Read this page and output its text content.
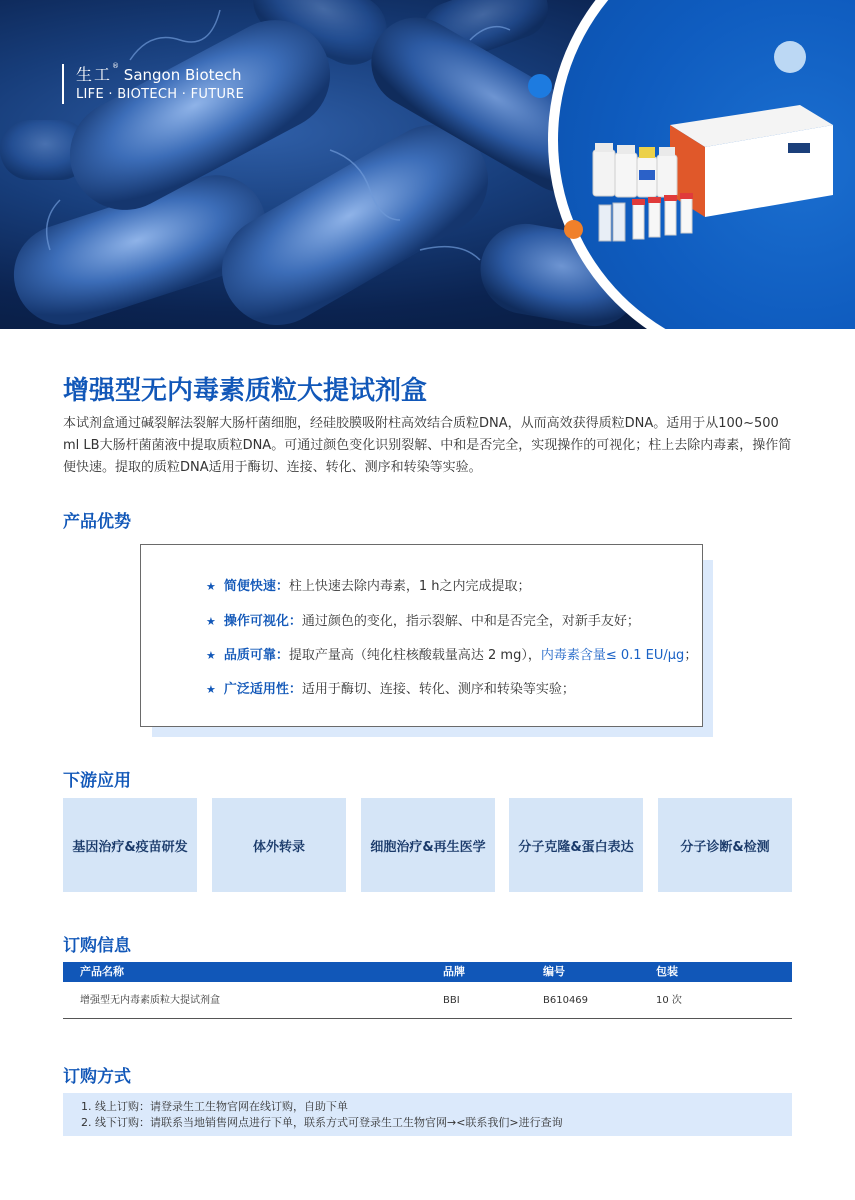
生工® Sangon Biotech
LIFE · BIOTECH · FUTURE
增强型无内毒素质粒大提试剂盒
本试剂盒通过碱裂解法裂解大肠杆菌细胞，经硅胶膜吸附柱高效结合质粒DNA，从而高效获得质粒DNA。适用于从100~500 ml LB大肠杆菌菌液中提取质粒DNA。可通过颜色变化识别裂解、中和是否完全，实现操作的可视化；柱上去除内毒素，操作简便快速。提取的质粒DNA适用于酶切、连接、转化、测序和转染等实验。
产品优势
★ 简便快速：柱上快速去除内毒素，1 h之内完成提取；
★ 操作可视化：通过颜色的变化，指示裂解、中和是否完全，对新手友好；
★ 品质可靠：提取产量高（纯化柱核酸载量高达 2 mg），内毒素含量≤ 0.1 EU/μg；
★ 广泛适用性：适用于酶切、连接、转化、测序和转染等实验；
下游应用
基因治疗&疫苗研发	体外转录	细胞治疗&再生医学	分子克隆&蛋白表达	分子诊断&检测
订购信息
产品名称	品牌	编号	包装
增强型无内毒素质粒大提试剂盒	BBI	B610469	10 次
订购方式
1. 线上订购：请登录生工生物官网在线订购，自助下单
2. 线下订购：请联系当地销售网点进行下单，联系方式可登录生工生物官网→<联系我们>进行查询
